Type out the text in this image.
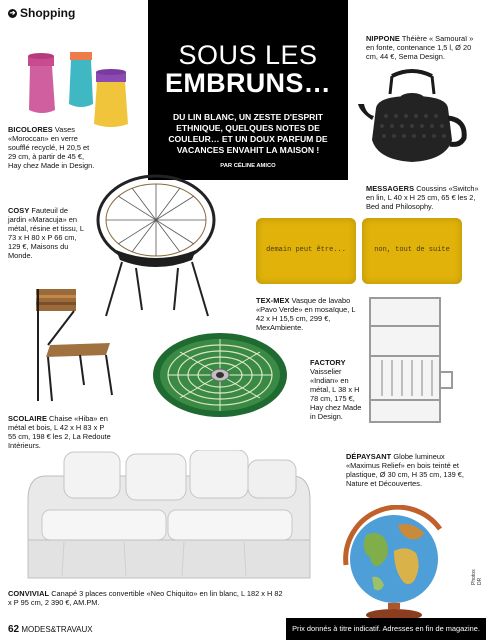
➔ Shopping
SOUS LES
EMBRUNS…
DU LIN BLANC, UN ZESTE D'ESPRIT ETHNIQUE, QUELQUES NOTES DE COULEUR… ET UN DOUX PARFUM DE VACANCES ENVAHIT LA MAISON !
PAR CÉLINE AMICO
demain peut être...	non, tout de suite
BICOLORES Vases «Moroccan» en verre soufflé recyclé, H 20,5 et 29 cm, à partir de 45 €, Hay chez Made in Design.
NIPPONE Théière « Samouraï » en fonte, contenance 1,5 l, Ø 20 cm, 44 €, Sema Design.
COSY Fauteuil de jardin «Maracuja» en métal, résine et tissu, L 73 x H 80 x P 66 cm, 129 €, Maisons du Monde.
MESSAGERS Coussins «Switch» en lin, L 40 x H 25 cm, 65 € les 2, Bed and Philosophy.
TEX-MEX Vasque de lavabo «Pavo Verde» en mosaïque, L 42 x H 15,5 cm, 299 €, MexAmbiente.
FACTORY Vaisselier «Indian» en métal, L 38 x H 78 cm, 175 €, Hay chez Made in Design.
SCOLAIRE Chaise «Hiba» en métal et bois, L 42 x H 83 x P 55 cm, 198 € les 2, La Redoute Intérieurs.
DÉPAYSANT Globe lumineux «Maximus Relief» en bois teinté et plastique, Ø 30 cm, H 35 cm, 139 €, Nature et Découvertes.
CONVIVIAL Canapé 3 places convertible «Neo Chiquito» en lin blanc, L 182 x H 82 x P 95 cm, 2 390 €, AM.PM.
Photos DR
62 MODES&TRAVAUX	Prix donnés à titre indicatif. Adresses en fin de magazine.
